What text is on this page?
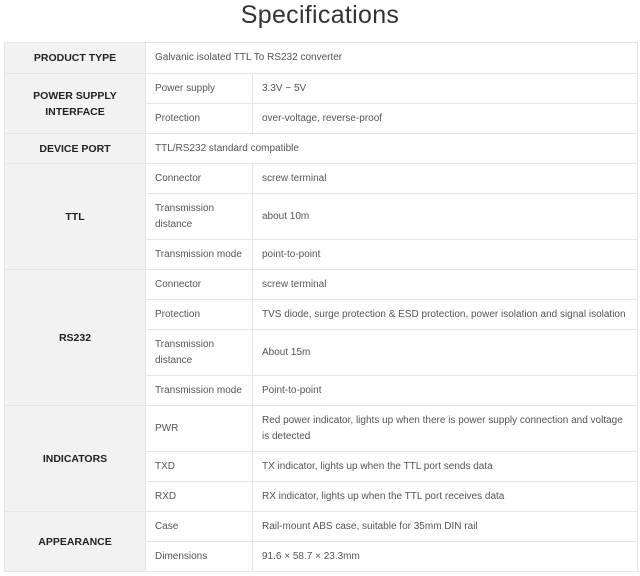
Specifications
PRODUCT TYPE	Galvanic isolated TTL To RS232 converter	
POWER SUPPLY INTERFACE	Power supply	3.3V ~ 5V
	Protection	over-voltage, reverse-proof
DEVICE PORT	TTL/RS232 standard compatible	
TTL	Connector	screw terminal
	Transmission distance	about 10m
	Transmission mode	point-to-point
RS232	Connector	screw terminal
	Protection	TVS diode, surge protection & ESD protection, power isolation and signal isolation
	Transmission distance	About 15m
	Transmission mode	Point-to-point
INDICATORS	PWR	Red power indicator, lights up when there is power supply connection and voltage is detected
	TXD	TX indicator, lights up when the TTL port sends data
	RXD	RX indicator, lights up when the TTL port receives data
APPEARANCE	Case	Rail-mount ABS case, suitable for 35mm DIN rail
	Dimensions	91.6 × 58.7 × 23.3mm
